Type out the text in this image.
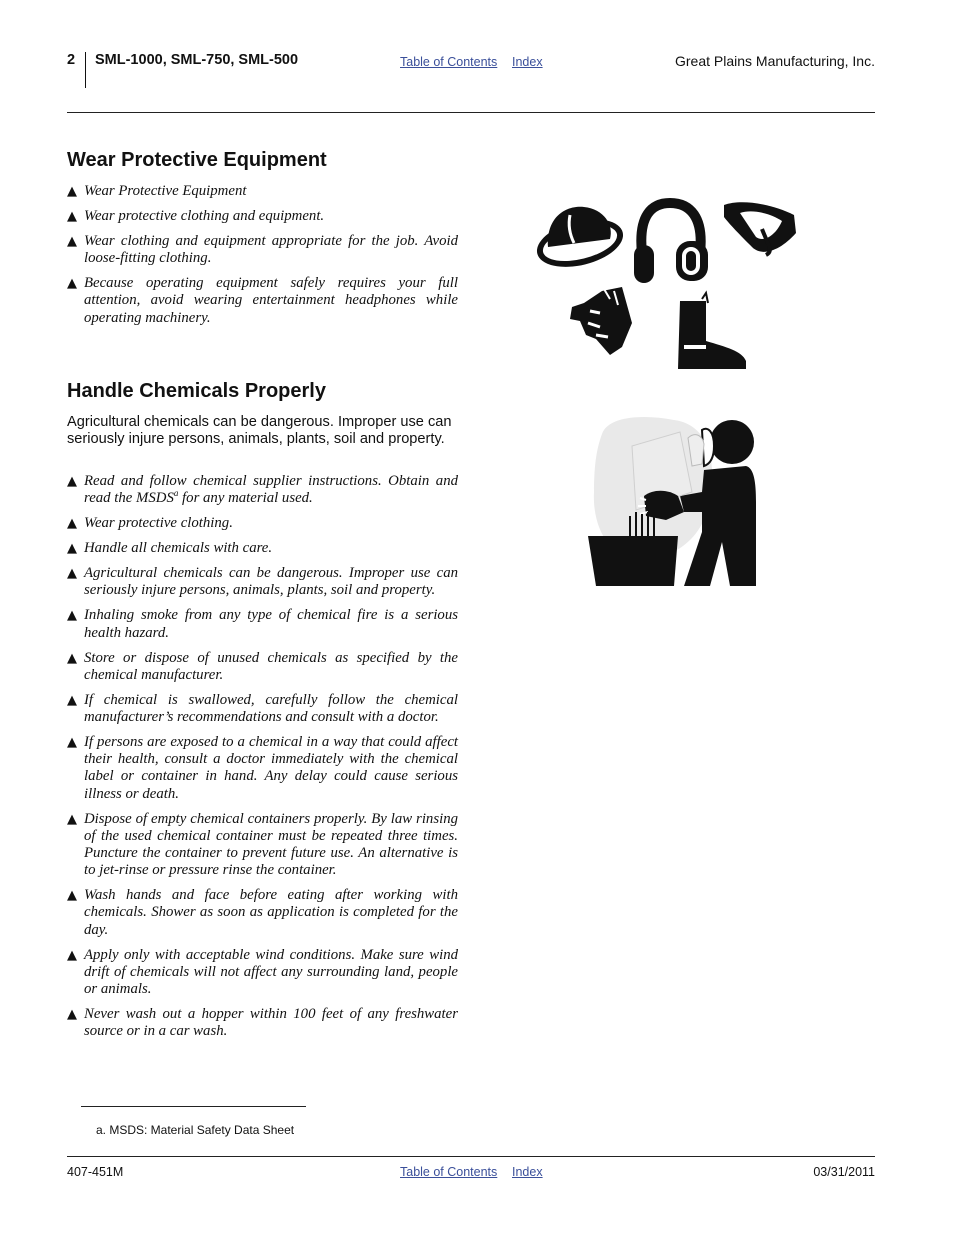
2 SML-1000, SML-750, SML-500	Table of Contents Index	Great Plains Manufacturing, Inc.
Wear Protective Equipment
▲ Wear Protective Equipment
▲ Wear protective clothing and equipment.
▲ Wear clothing and equipment appropriate for the job. Avoid loose-fitting clothing.
▲ Because operating equipment safely requires your full attention, avoid wearing entertainment headphones while operating machinery.
Handle Chemicals Properly

Agricultural chemicals can be dangerous. Improper use can seriously injure persons, animals, plants, soil and property.

▲ Read and follow chemical supplier instructions. Obtain and read the MSDS$^a$ for any material used.
▲ Wear protective clothing.
▲ Handle all chemicals with care.
▲ Agricultural chemicals can be dangerous. Improper use can seriously injure persons, animals, plants, soil and property.
▲ Inhaling smoke from any type of chemical fire is a serious health hazard.
▲ Store or dispose of unused chemicals as specified by the chemical manufacturer.
▲ If chemical is swallowed, carefully follow the chemical manufacturer’s recommendations and consult with a doctor.
▲ If persons are exposed to a chemical in a way that could affect their health, consult a doctor immediately with the chemical label or container in hand. Any delay could cause serious illness or death.
▲ Dispose of empty chemical containers properly. By law rinsing of the used chemical container must be repeated three times. Puncture the container to prevent future use. An alternative is to jet-rinse or pressure rinse the container.
▲ Wash hands and face before eating after working with chemicals. Shower as soon as application is completed for the day.
▲ Apply only with acceptable wind conditions. Make sure wind drift of chemicals will not affect any surrounding land, people or animals.
▲ Never wash out a hopper within 100 feet of any freshwater source or in a car wash.
a. MSDS: Material Safety Data Sheet
407-451M	Table of Contents Index	03/31/2011
